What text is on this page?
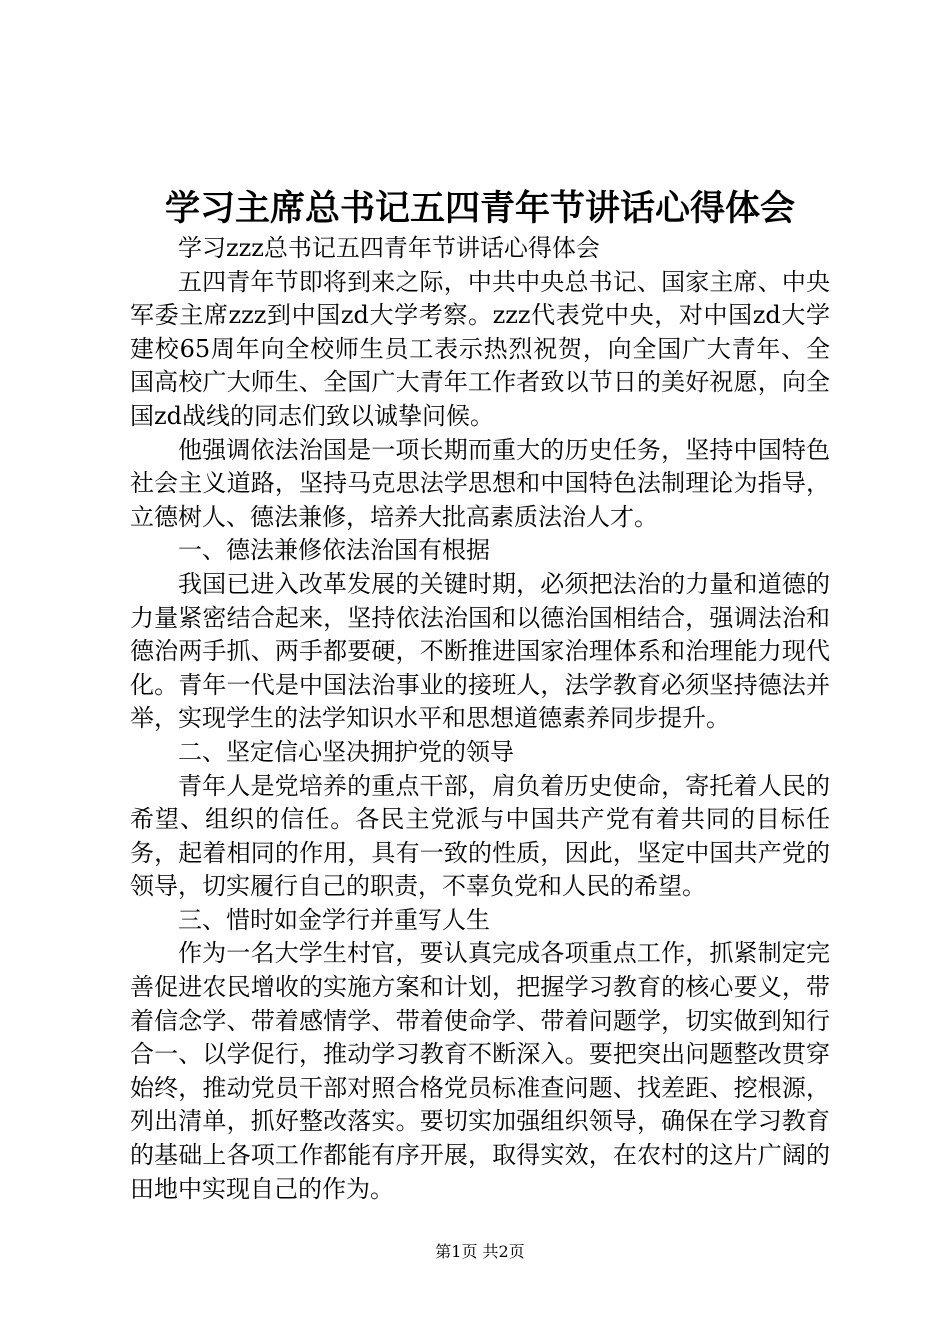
学习主席总书记五四青年节讲话心得体会

学习zzz总书记五四青年节讲话心得体会

五四青年节即将到来之际，中共中央总书记、国家主席、中央军委主席zzz到中国zd大学考察。zzz代表党中央，对中国zd大学建校65周年向全校师生员工表示热烈祝贺，向全国广大青年、全国高校广大师生、全国广大青年工作者致以节日的美好祝愿，向全国zd战线的同志们致以诚挚问候。

他强调依法治国是一项长期而重大的历史任务，坚持中国特色社会主义道路，坚持马克思法学思想和中国特色法制理论为指导，立德树人、德法兼修，培养大批高素质法治人才。

一、德法兼修依法治国有根据

我国已进入改革发展的关键时期，必须把法治的力量和道德的力量紧密结合起来，坚持依法治国和以德治国相结合，强调法治和德治两手抓、两手都要硬，不断推进国家治理体系和治理能力现代化。青年一代是中国法治事业的接班人，法学教育必须坚持德法并举，实现学生的法学知识水平和思想道德素养同步提升。

二、坚定信心坚决拥护党的领导

青年人是党培养的重点干部，肩负着历史使命，寄托着人民的希望、组织的信任。各民主党派与中国共产党有着共同的目标任务，起着相同的作用，具有一致的性质，因此，坚定中国共产党的领导，切实履行自己的职责，不辜负党和人民的希望。

三、惜时如金学行并重写人生

作为一名大学生村官，要认真完成各项重点工作，抓紧制定完善促进农民增收的实施方案和计划，把握学习教育的核心要义，带着信念学、带着感情学、带着使命学、带着问题学，切实做到知行合一、以学促行，推动学习教育不断深入。要把突出问题整改贯穿始终，推动党员干部对照合格党员标准查问题、找差距、挖根源，列出清单，抓好整改落实。要切实加强组织领导，确保在学习教育的基础上各项工作都能有序开展，取得实效，在农村的这片广阔的田地中实现自己的作为。

第1页 共2页
